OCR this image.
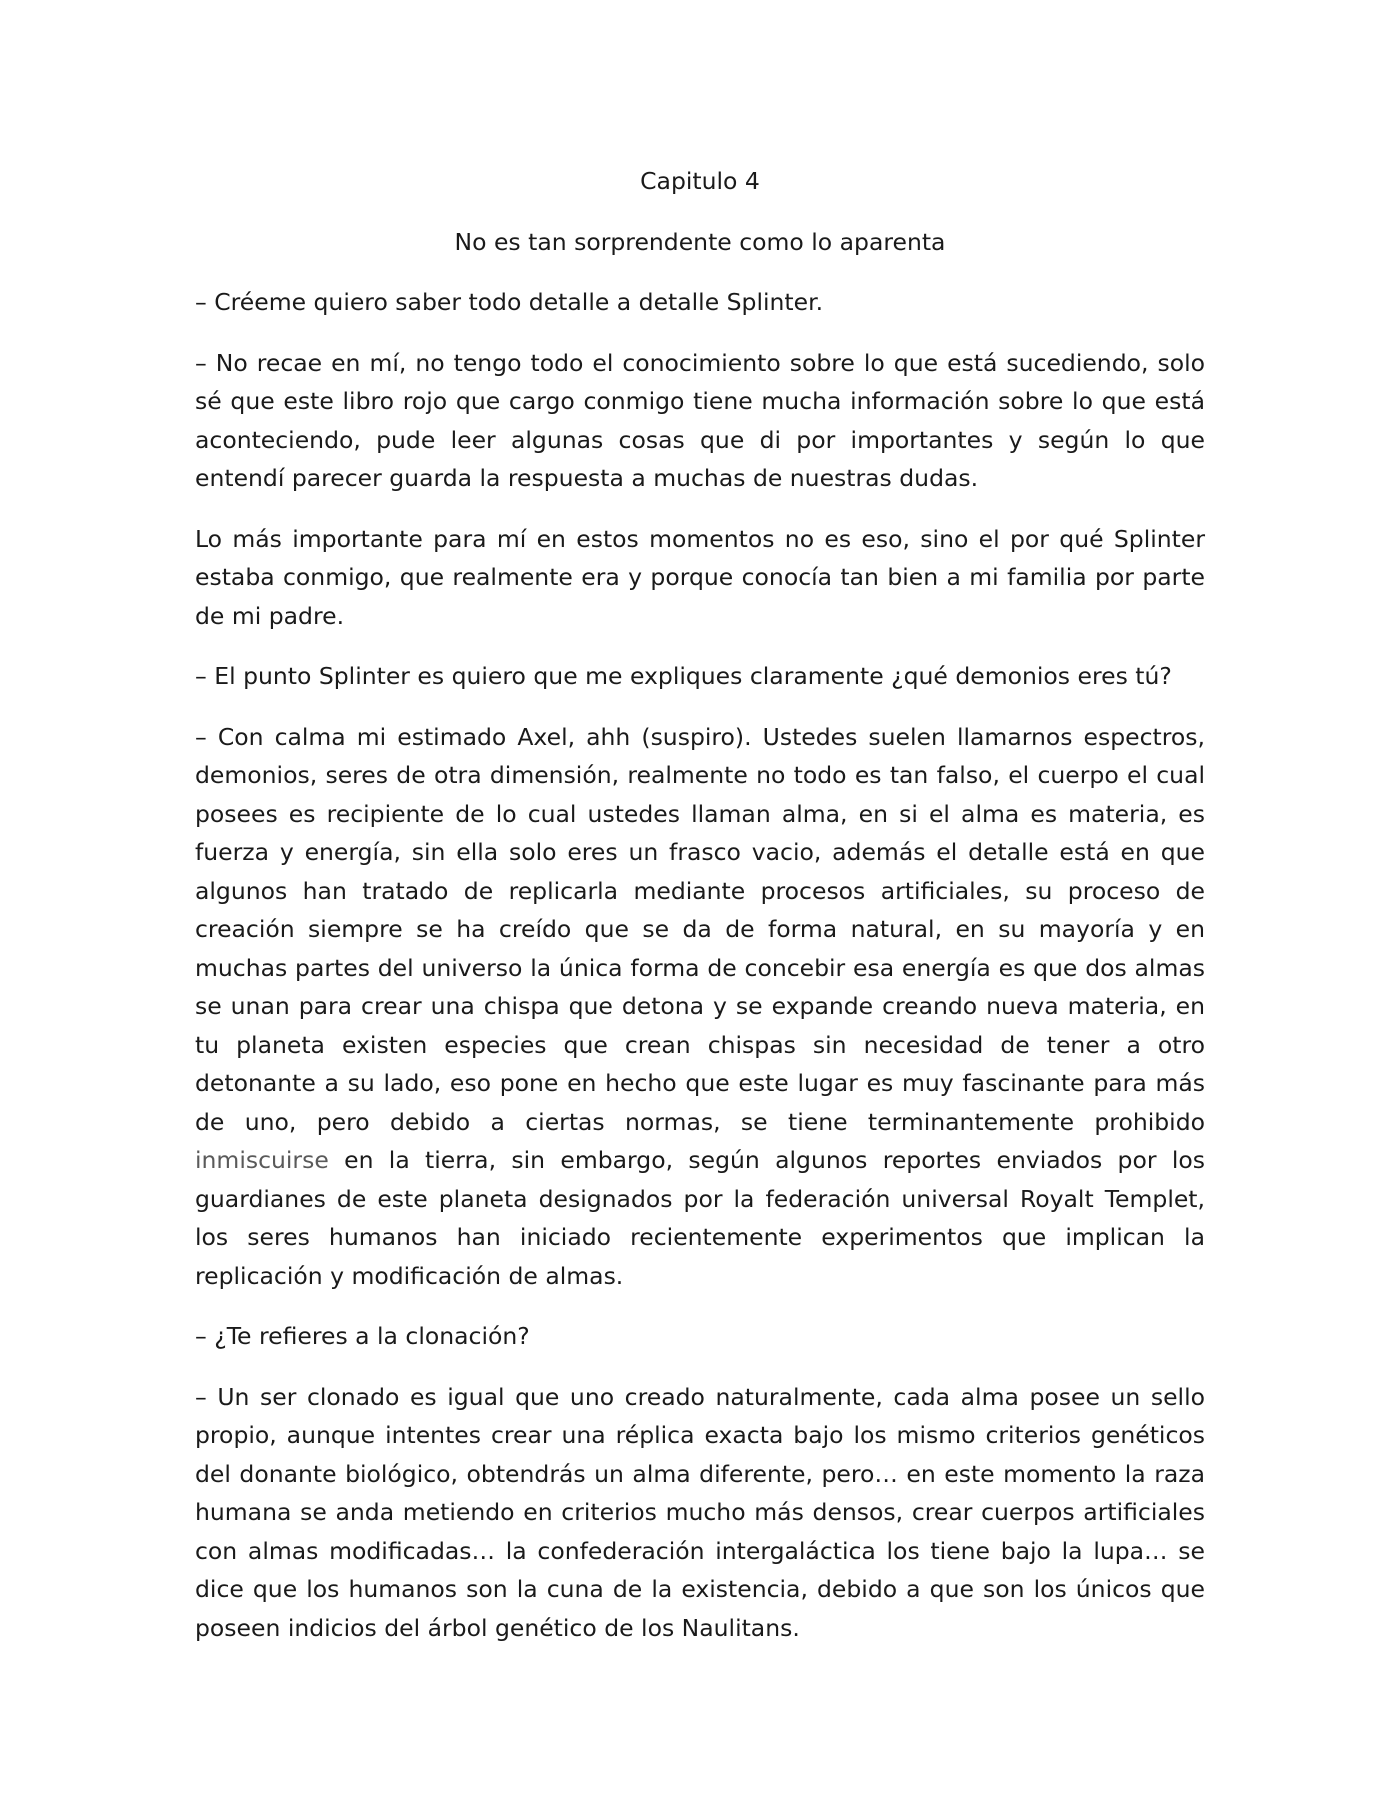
Capitulo 4
No es tan sorprendente como lo aparenta

– Créeme quiero saber todo detalle a detalle Splinter.

– No recae en mí, no tengo todo el conocimiento sobre lo que está sucediendo, solo sé que este libro rojo que cargo conmigo tiene mucha información sobre lo que está aconteciendo, pude leer algunas cosas que di por importantes y según lo que entendí parecer guarda la respuesta a muchas de nuestras dudas.

Lo más importante para mí en estos momentos no es eso, sino el por qué Splinter estaba conmigo, que realmente era y porque conocía tan bien a mi familia por parte de mi padre.

– El punto Splinter es quiero que me expliques claramente ¿qué demonios eres tú?

– Con calma mi estimado Axel, ahh (suspiro). Ustedes suelen llamarnos espectros, demonios, seres de otra dimensión, realmente no todo es tan falso, el cuerpo el cual posees es recipiente de lo cual ustedes llaman alma, en si el alma es materia, es fuerza y energía, sin ella solo eres un frasco vacio, además el detalle está en que algunos han tratado de replicarla mediante procesos artificiales, su proceso de creación siempre se ha creído que se da de forma natural, en su mayoría y en muchas partes del universo la única forma de concebir esa energía es que dos almas se unan para crear una chispa que detona y se expande creando nueva materia, en tu planeta existen especies que crean chispas sin necesidad de tener a otro detonante a su lado, eso pone en hecho que este lugar es muy fascinante para más de uno, pero debido a ciertas normas, se tiene terminantemente prohibido inmiscuirse en la tierra, sin embargo, según algunos reportes enviados por los guardianes de este planeta designados por la federación universal Royalt Templet, los seres humanos han iniciado recientemente experimentos que implican la replicación y modificación de almas.

– ¿Te refieres a la clonación?

– Un ser clonado es igual que uno creado naturalmente, cada alma posee un sello propio, aunque intentes crear una réplica exacta bajo los mismo criterios genéticos del donante biológico, obtendrás un alma diferente, pero… en este momento la raza humana se anda metiendo en criterios mucho más densos, crear cuerpos artificiales con almas modificadas… la confederación intergaláctica los tiene bajo la lupa… se dice que los humanos son la cuna de la existencia, debido a que son los únicos que poseen indicios del árbol genético de los Naulitans.
